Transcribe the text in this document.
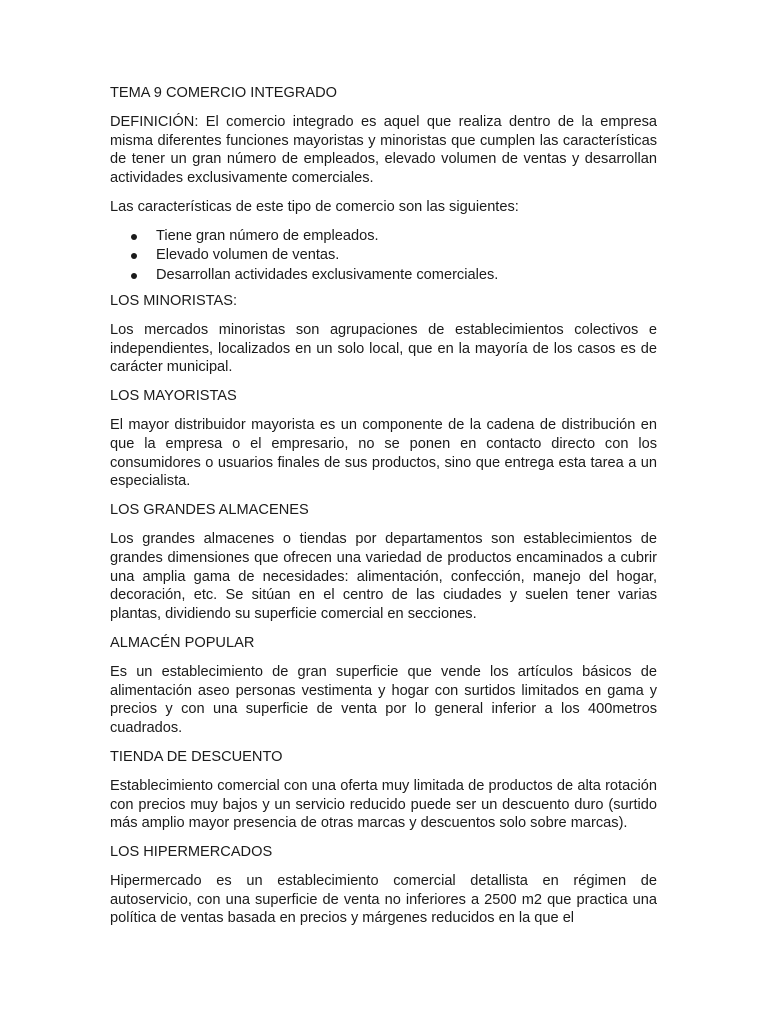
TEMA 9 COMERCIO INTEGRADO

DEFINICIÓN: El comercio integrado es aquel que realiza dentro de la empresa misma diferentes funciones mayoristas y minoristas que cumplen las características de tener un gran número de empleados, elevado volumen de ventas y desarrollan actividades exclusivamente comerciales.

Las características de este tipo de comercio son las siguientes:

Tiene gran número de empleados.
Elevado volumen de ventas.
Desarrollan actividades exclusivamente comerciales.

LOS MINORISTAS:

Los mercados minoristas son agrupaciones de establecimientos colectivos e independientes, localizados en un solo local, que en la mayoría de los casos es de carácter municipal.

LOS MAYORISTAS

El mayor distribuidor mayorista es un componente de la cadena de distribución en que la empresa o el empresario, no se ponen en contacto directo con los consumidores o usuarios finales de sus productos, sino que entrega esta tarea a un especialista.

LOS GRANDES ALMACENES

Los grandes almacenes o tiendas por departamentos son establecimientos de grandes dimensiones que ofrecen una variedad de productos encaminados a cubrir una amplia gama de necesidades: alimentación, confección, manejo del hogar, decoración, etc. Se sitúan en el centro de las ciudades y suelen tener varias plantas, dividiendo su superficie comercial en secciones.

ALMACÉN POPULAR

Es un establecimiento de gran superficie que vende los artículos básicos de alimentación aseo personas vestimenta y hogar con surtidos limitados en gama y precios y con una superficie de venta por lo general inferior a los 400metros cuadrados.

TIENDA DE DESCUENTO

Establecimiento comercial con una oferta muy limitada de productos de alta rotación con precios muy bajos y un servicio reducido puede ser un descuento duro (surtido más amplio mayor presencia de otras marcas y descuentos solo sobre marcas).

LOS HIPERMERCADOS

Hipermercado es un establecimiento comercial detallista en régimen de autoservicio, con una superficie de venta no inferiores a 2500 m2 que practica una política de ventas basada en precios y márgenes reducidos en la que el
